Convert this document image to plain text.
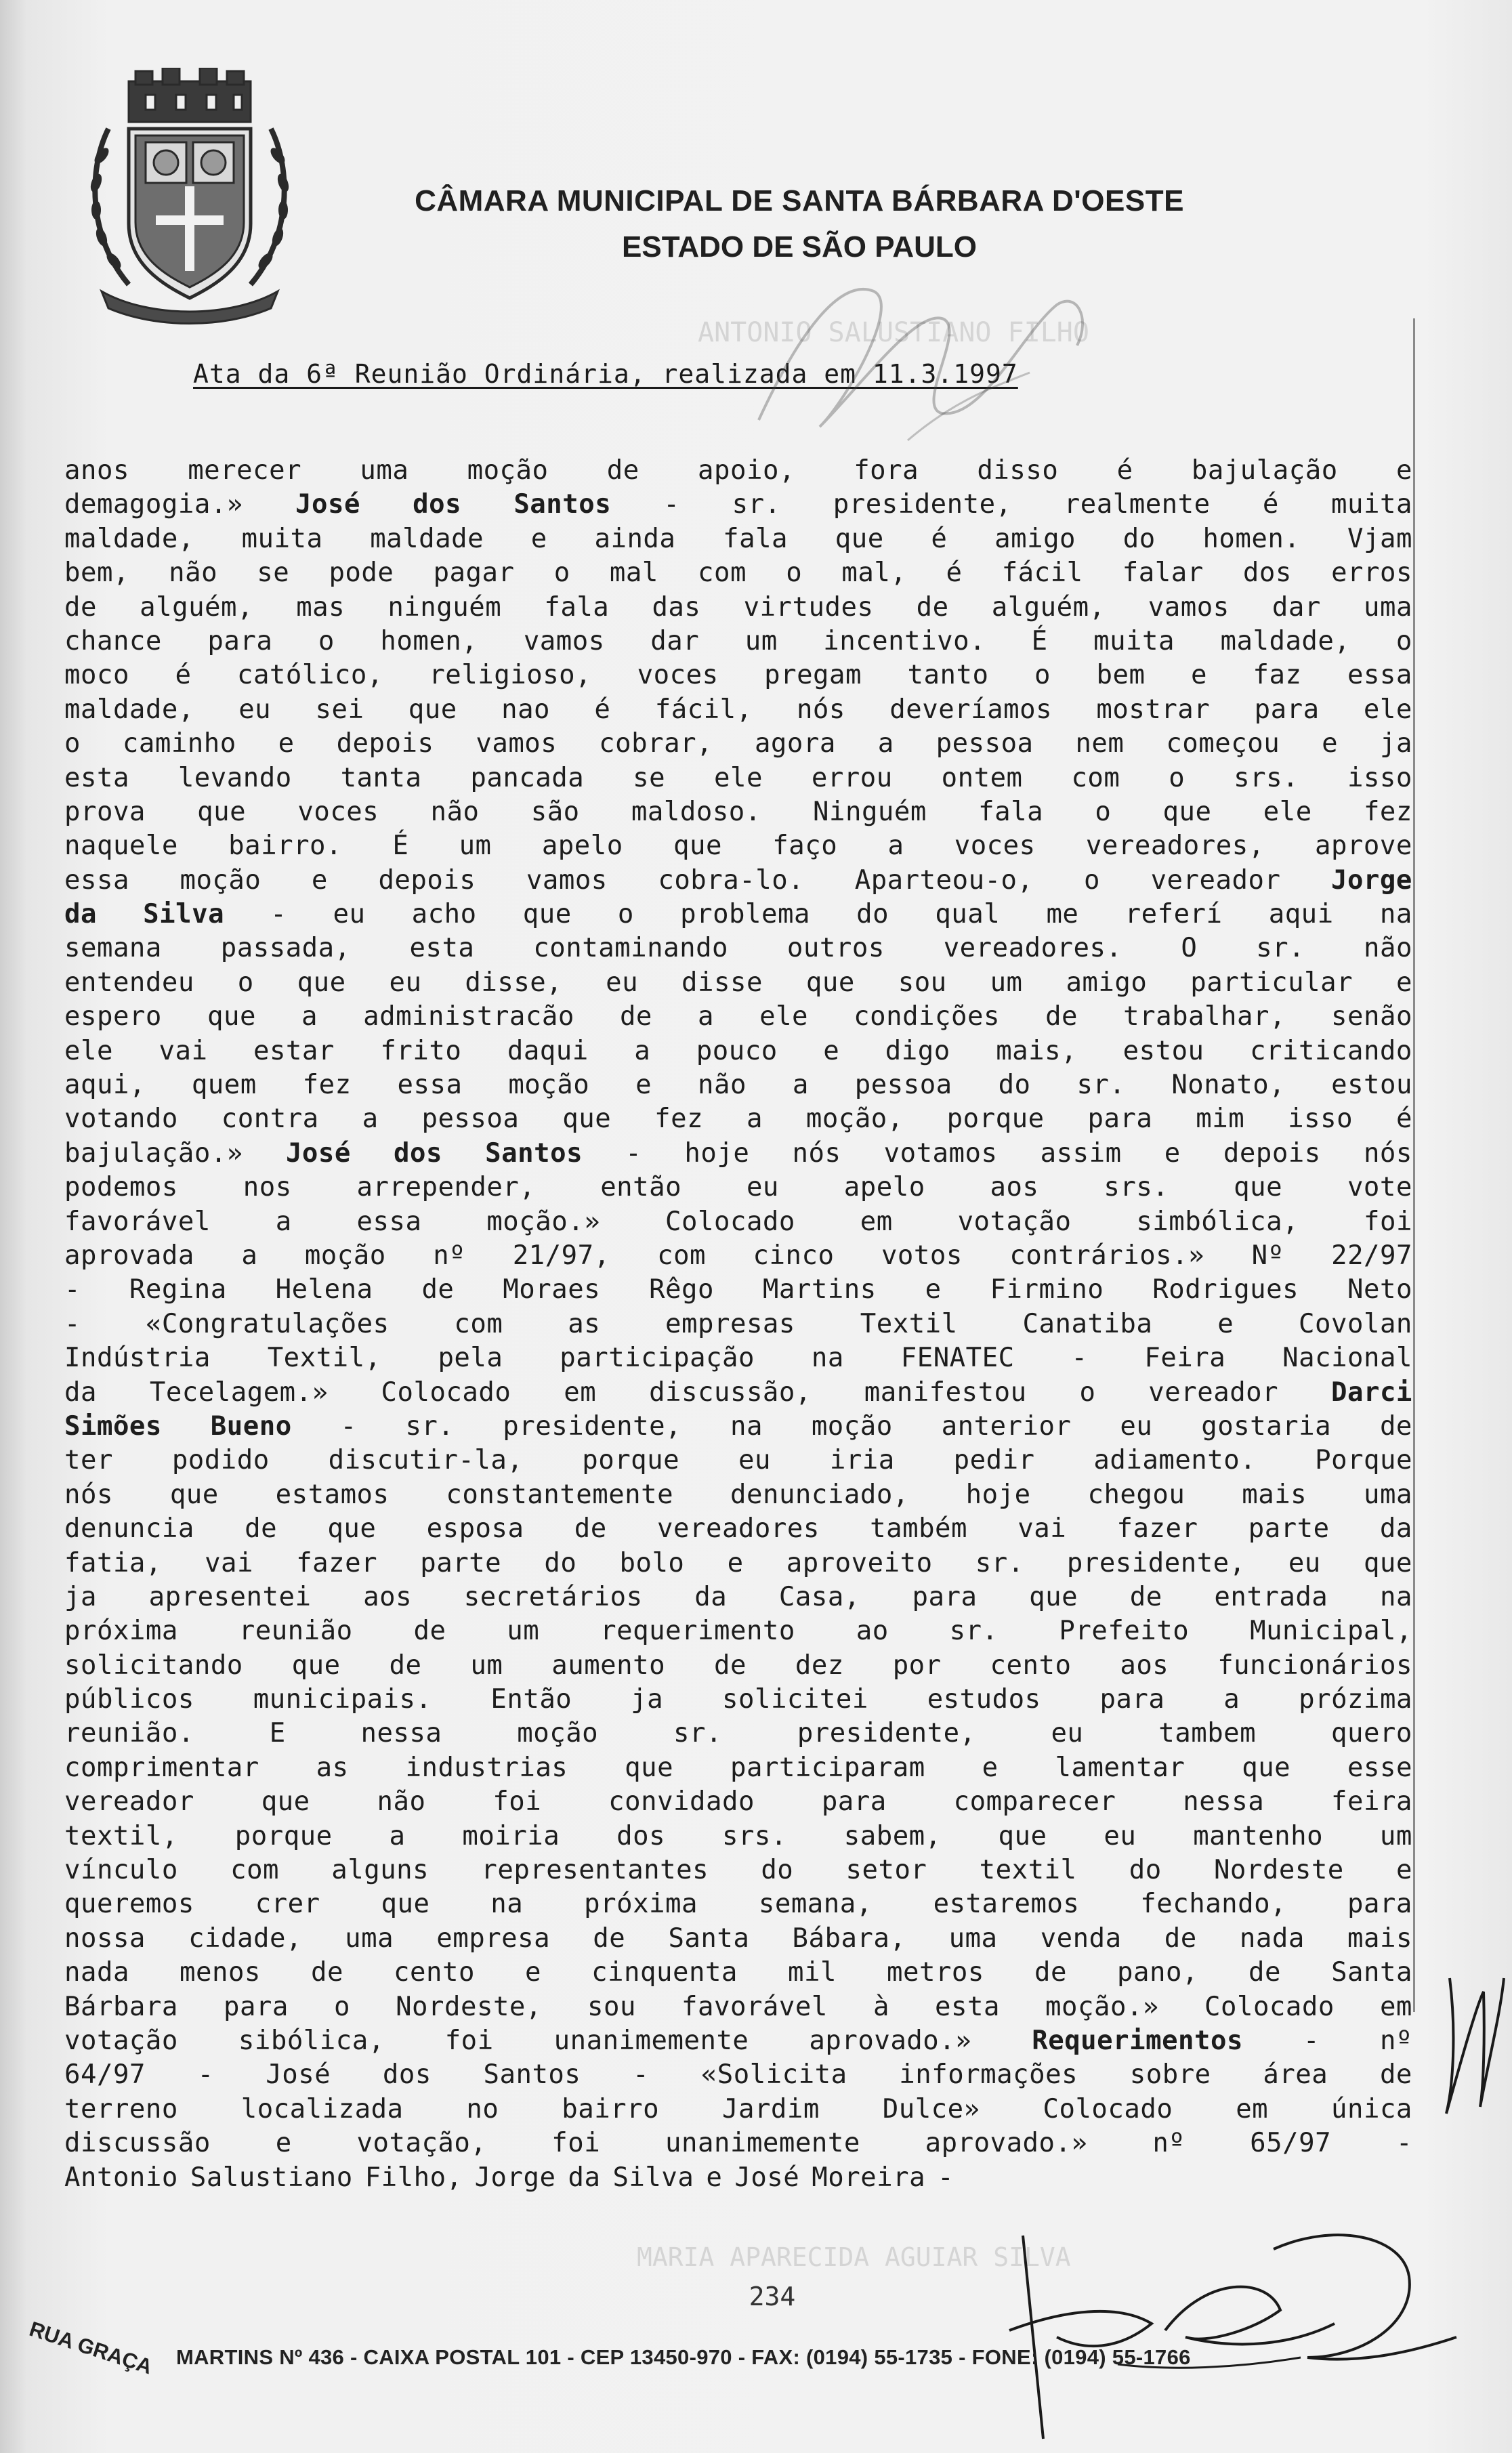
CÂMARA MUNICIPAL DE SANTA BÁRBARA D'OESTE
ESTADO DE SÃO PAULO
ANTONIO SALUSTIANO FILHO
MARIA APARECIDA AGUIAR SILVA
Ata da 6ª Reunião Ordinária, realizada em 11.3.1997
anos merecer uma moção de apoio, fora disso é bajulação e
demagogia.» José dos Santos - sr. presidente, realmente é muita
maldade, muita maldade e ainda fala que é amigo do homen. Vjam
bem, não se pode pagar o mal com o mal, é fácil falar dos erros
de alguém, mas ninguém fala das virtudes de alguém, vamos dar uma
chance para o homen, vamos dar um incentivo. É muita maldade, o
moco é católico, religioso, voces pregam tanto o bem e faz essa
maldade, eu sei que nao é fácil, nós deveríamos mostrar para ele
o caminho e depois vamos cobrar, agora a pessoa nem começou e ja
esta levando tanta pancada se ele errou ontem com o srs. isso
prova que voces não são maldoso. Ninguém fala o que ele fez
naquele bairro. É um apelo que faço a voces vereadores, aprove
essa moção e depois vamos cobra-lo. Aparteou-o, o vereador Jorge
da Silva - eu acho que o problema do qual me referí aqui na
semana passada, esta contaminando outros vereadores. O sr. não
entendeu o que eu disse, eu disse que sou um amigo particular e
espero que a administracão de a ele condições de trabalhar, senão
ele vai estar frito daqui a pouco e digo mais, estou criticando
aqui, quem fez essa moção e não a pessoa do sr. Nonato, estou
votando contra a pessoa que fez a moção, porque para mim isso é
bajulação.» José dos Santos - hoje nós votamos assim e depois nós
podemos nos arrepender, então eu apelo aos srs. que vote
favorável a essa moção.» Colocado em votação simbólica, foi
aprovada a moção nº 21/97, com cinco votos contrários.» Nº 22/97
- Regina Helena de Moraes Rêgo Martins e Firmino Rodrigues Neto
- «Congratulações com as empresas Textil Canatiba e Covolan
Indústria Textil, pela participação na FENATEC - Feira Nacional
da Tecelagem.» Colocado em discussão, manifestou o vereador Darci
Simões Bueno - sr. presidente, na moção anterior eu gostaria de
ter podido discutir-la, porque eu iria pedir adiamento. Porque
nós que estamos constantemente denunciado, hoje chegou mais uma
denuncia de que esposa de vereadores também vai fazer parte da
fatia, vai fazer parte do bolo e aproveito sr. presidente, eu que
ja apresentei aos secretários da Casa, para que de entrada na
próxima reunião de um requerimento ao sr. Prefeito Municipal,
solicitando que de um aumento de dez por cento aos funcionários
públicos municipais. Então ja solicitei estudos para a prózima
reunião.	E	nessa	moção	sr.	presidente,	eu	tambem	quero
comprimentar as industrias que participaram e lamentar que esse
vereador	que	não	foi	convidado	para	comparecer	nessa	feira
textil, porque a moiria dos srs. sabem, que eu mantenho um
vínculo com alguns representantes do setor textil do Nordeste e
queremos crer que na próxima semana, estaremos fechando, para
nossa cidade, uma empresa de Santa Bábara, uma venda de nada mais
nada menos de cento e cinquenta mil metros de pano, de Santa
Bárbara para o Nordeste, sou favorável à esta moção.» Colocado em
votação sibólica, foi unanimemente aprovado.» Requerimentos - nº
64/97 - José dos Santos - «Solicita informações sobre área de
terreno localizada no bairro Jardim Dulce» Colocado em única
discussão e votação, foi unanimemente aprovado.» nº 65/97 -
Antonio Salustiano Filho, Jorge da Silva e José Moreira -
234
RUA GRAÇA MARTINS Nº 436 - CAIXA POSTAL 101 - CEP 13450-970 - FAX: (0194) 55-1735 - FONE: (0194) 55-1766
